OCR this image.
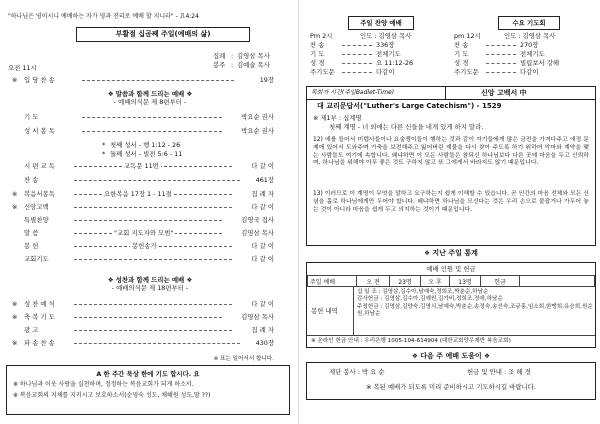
"하나님은 영이시니 예배하는 자가 영과 진리로 예배 할 지니라" - 요4:24
부활절 십곰째 주일(예배의 삶)
집례 : 김영삼 목사
봉주 : 김예술 목사
오전 11시
※ 입 당 찬 송	19장
❖ 말씀과 함께 드리는 예배 ❖
- 예배의식문 제 8편부터 -
기 도	박요순 권사
성 서 봉 독	박요순 권사
* 첫째 성서 - 행 1:12 - 26
* 둘째 성서 - 빌전 5:6 - 11
시 편 교 독	교독문 11번	다 같 이
찬 송	461장
※ 복음서봉독	요한복음 17장 1 - 11절	집 례 자
※ 신앙고백	다 같 이
특별찬양	김영국 집사
말 씀	"교회 지도자와 모범"	김영삼 목사
봉 헌	봉헌송가	다 같 이
교회기도	다 같 이
❖ 성찬과 함께 드리는 예배 ❖
- 예배의식문 제 18편부터 -
※ 성 찬 예 식	다 같 이
※ 축 복 기 도	김영삼 목사
광 고	집 례 자
※ 파 송 찬 송	430장
※ 표는 일어서서 합니다.
A 한 주간 묵상 한에 기도 합시다. 요
※ 하나님과 이웃 사랑을 실천하며, 정정하는 복음교회가 되게 하소서.
※ 복음교회의 지체를 지키시고 보호하소서(순영숙 성도, 채혜원 성도,딸 ??)
주일 찬양 예배
Pm 2시	인도 : 김영삼 목사
찬 송	336장
기 도	전체기도
성 경	요 11:12-26
주기도문	다같이
수요 기도회
pm 12시	인도 : 김영삼 목사
찬 송	270장
기 도	전체기도
성 경	빌립보서 강해
주기도문	다같이
목회자 시간(주일Badlet-Time)	신앙 고백서 中
대 교리문답서("Luther's Large Catechism") - 1529
※ 제1부 : 십계명
첫째 계명 - 너 외에는 다른 신들을 네게 있게 하지 말라.
12) 예를 들어서 미텝사들이나 요술쟁이들이 행하는 것과 같이 자기들에게 많은 금전을 가져다주고 애정 문제에 있어서 도와주며 가축을 보전해주고 잃어버린 재물을 다시 찾아 주도록 하기 위하여 악마와 계약을 맺는 사람들도 여기에 속합니다. 왜냐하면 이 모든 사람들은 참되신 하나님보다 다른 곳에 마음을 두고 신뢰하며, 하나님을 위해야 아무 좋은 것도 구하지 않고 또 그에게서 바라지도 않기 때문입니다.
13) 이러므로 이 계명이 무엇을 말하고 요구하는지 쉽게 이해할 수 있습니다. 곧 인간의 마음 전체와 모든 신념을 홀로 하나님에게만 두어야 합니다. 왜냐하면 하나님을 모신다는 것은 우리 손으로 붙잡거나 가두어 놓는 것이 아니라 마음을 쉽게 두고 의지하는 것이기 때문입니다.
❖ 지난 주일 통계
예배 인원 및 헌금
주일 예배	오 전	23명	오 후	13명	헌금	
봉헌 내역
십 일 조 : 김영삼,김수아,남예숙,정희조,박춘순,하남순
감사헌금 : 김영삼,김수아,김예원,김가비,정희조,정애,하남순
주정헌금 : 김영삼,김양숙,김영식,남예숙,박춘순,송정숙,송선숙,조규홍,임소희,한맹희,유승희,원순원,하남순
※ 온라인 헌금 안내 : 우리은행 1005-104-614904 (대한교회양우제반 복음교회)
❖ 다음 주 예배 도움이 ❖
제단 봉사 : 박 요 순	헌금 및 안내 : 조 해 경
※ 복된 예배가 되도록 미리 준비하시고 기도하시길 바랍니다.
